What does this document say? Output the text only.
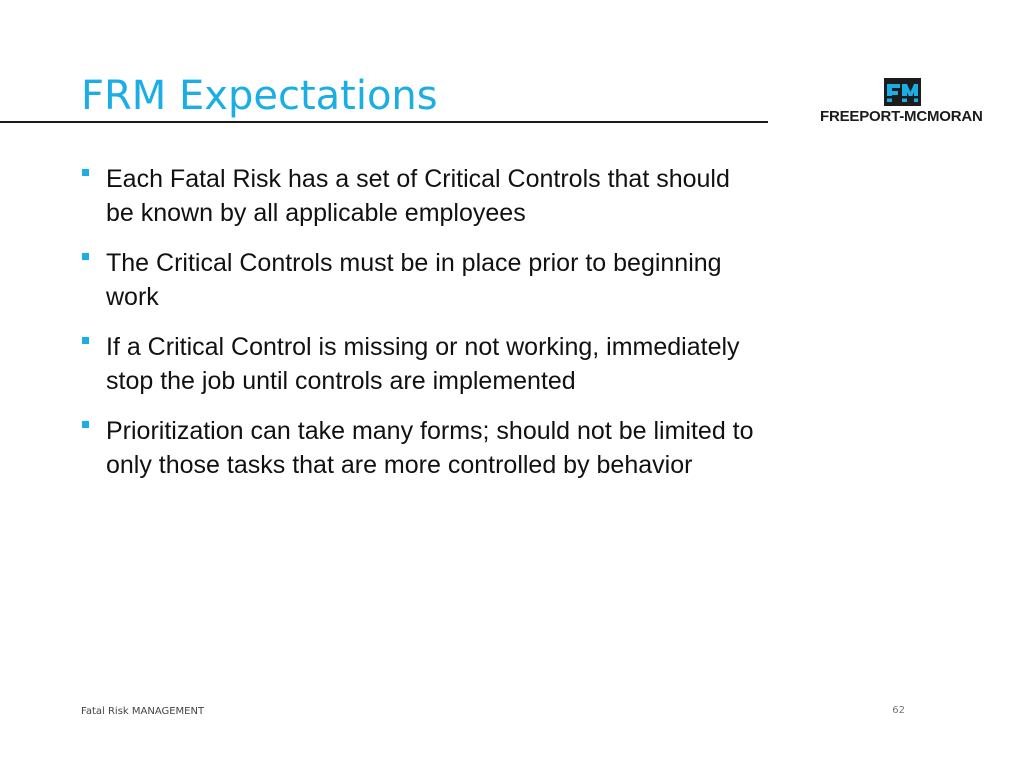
FRM Expectations	FREEPORT-MCMORAN
Each Fatal Risk has a set of Critical Controls that should be known by all applicable employees
The Critical Controls must be in place prior to beginning work
If a Critical Control is missing or not working, immediately stop the job until controls are implemented
Prioritization can take many forms; should not be limited to only those tasks that are more controlled by behavior
Fatal Risk MANAGEMENT	62
